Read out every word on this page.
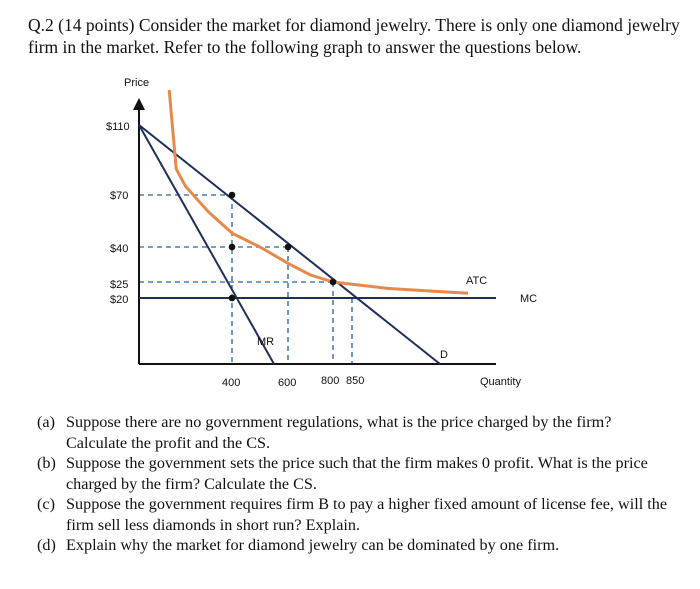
Q.2 (14 points) Consider the market for diamond jewelry. There is only one diamond jewelry

firm in the market. Refer to the following graph to answer the questions below.

Price
Quantity
$110
$70
$40
$25
$20
400	600 800 850
D
MR
MC
ATC
(a) Suppose there are no government regulations, what is the price charged by the firm?
Calculate the profit and the CS.
(b) Suppose the government sets the price such that the firm makes 0 profit. What is the price
charged by the firm? Calculate the CS.
(c) Suppose the government requires firm B to pay a higher fixed amount of license fee, will the
firm sell less diamonds in short run? Explain.
(d) Explain why the market for diamond jewelry can be dominated by one firm.
